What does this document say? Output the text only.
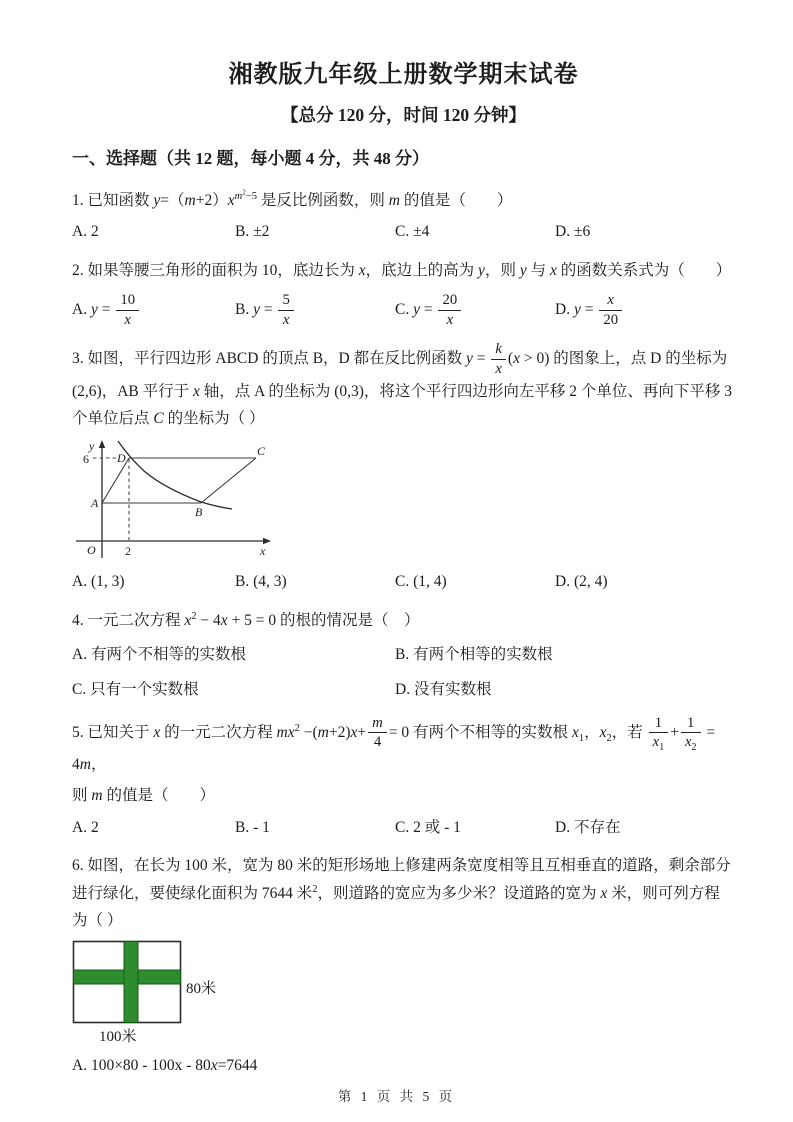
湘教版九年级上册数学期末试卷
【总分 120 分，时间 120 分钟】
一、选择题（共 12 题，每小题 4 分，共 48 分）
1. 已知函数 $y=(m+2)x^{m^2-5}$ 是反比例函数，则 m 的值是（　　）
A. 2	B. ±2	C. ±4	D. ±6
2. 如果等腰三角形的面积为 10，底边长为 x，底边上的高为 y，则 y 与 x 的函数关系式为（　　）
A. $y = \frac{10}{x}$	B. $y = \frac{5}{x}$	C. $y = \frac{20}{x}$	D. $y = \frac{x}{20}$
3. 如图，平行四边形 ABCD 的顶点 B，D 都在反比例函数 $y = \frac{k}{x} (x > 0)$ 的图象上，点 D 的坐标为 (2,6)，AB 平行于 x 轴，点 A 的坐标为 (0,3)，将这个平行四边形向左平移 2 个单位、再向下平移 3 个单位后点 C 的坐标为（ ）
y
x
O
6
2
A
B
C
D
A. (1, 3)	B. (4, 3)	C. (1, 4)	D. (2, 4)
4. 一元二次方程 $x^2 - 4x + 5 = 0$ 的根的情况是（　）
A. 有两个不相等的实数根	B. 有两个相等的实数根
C. 只有一个实数根	D. 没有实数根
5. 已知关于 x 的一元二次方程 $mx^2 -(m+2)x+ \frac{m}{4} = 0$ 有两个不相等的实数根 $x_1$，$x_2$，若 $\frac{1}{x_1} + \frac{1}{x_2} = 4m$，
则 m 的值是（　　）
A. 2	B. - 1	C. 2 或 - 1	D. 不存在
6. 如图，在长为 100 米，宽为 80 米的矩形场地上修建两条宽度相等且互相垂直的道路，剩余部分进行绿化，要使绿化面积为 7644 米$^2$，则道路的宽应为多少米？设道路的宽为 x 米，则可列方程为（ ）
80米
100米
A. 100×80 - 100x - 80x=7644
第 1 页 共 5 页
